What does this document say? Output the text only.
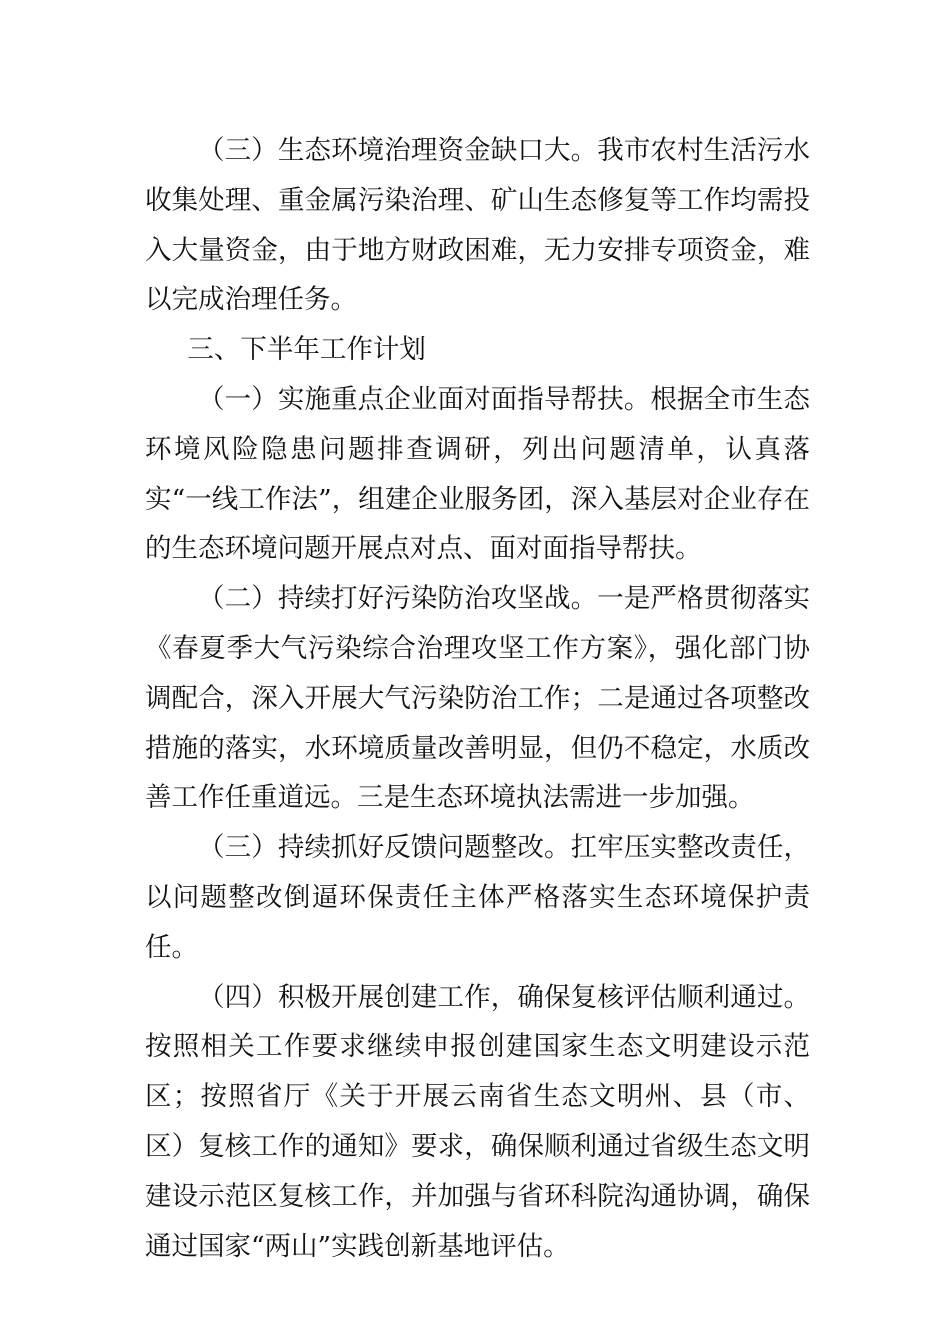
（三）生态环境治理资金缺口大。我市农村生活污水收集处理、重金属污染治理、矿山生态修复等工作均需投入大量资金，由于地方财政困难，无力安排专项资金，难以完成治理任务。

三、下半年工作计划

（一）实施重点企业面对面指导帮扶。根据全市生态环境风险隐患问题排查调研，列出问题清单，认真落实“一线工作法”，组建企业服务团，深入基层对企业存在的生态环境问题开展点对点、面对面指导帮扶。

（二）持续打好污染防治攻坚战。一是严格贯彻落实《春夏季大气污染综合治理攻坚工作方案》，强化部门协调配合，深入开展大气污染防治工作；二是通过各项整改措施的落实，水环境质量改善明显，但仍不稳定，水质改善工作任重道远。三是生态环境执法需进一步加强。

（三）持续抓好反馈问题整改。扛牢压实整改责任，以问题整改倒逼环保责任主体严格落实生态环境保护责任。

（四）积极开展创建工作，确保复核评估顺利通过。按照相关工作要求继续申报创建国家生态文明建设示范区；按照省厅《关于开展云南省生态文明州、县（市、区）复核工作的通知》要求，确保顺利通过省级生态文明建设示范区复核工作，并加强与省环科院沟通协调，确保通过国家“两山”实践创新基地评估。
